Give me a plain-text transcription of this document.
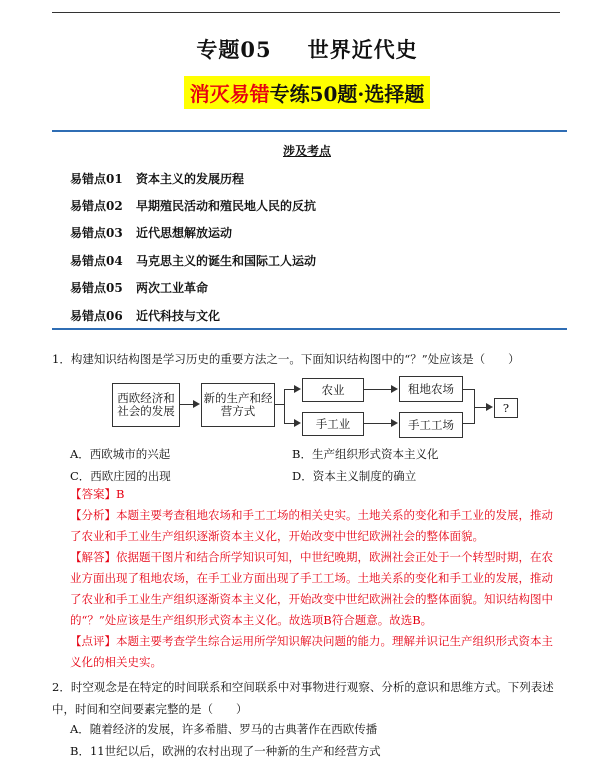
专题05 世界近代史
消灭易错专练50题·选择题
涉及考点
易错点01 资本主义的发展历程
易错点02 早期殖民活动和殖民地人民的反抗
易错点03 近代思想解放运动
易错点04 马克思主义的诞生和国际工人运动
易错点05 两次工业革命
易错点06 近代科技与文化
1．构建知识结构图是学习历史的重要方法之一。下面知识结构图中的“？”处应该是（　　）
西欧经济和社会的发展
新的生产和经营方式
农业
手工业
租地农场
手工工场
?
A．西欧城市的兴起	B．生产组织形式资本主义化
C．西欧庄园的出现	D．资本主义制度的确立
【答案】B
【分析】本题主要考查租地农场和手工工场的相关史实。土地关系的变化和手工业的发展，推动了农业和手工业生产组织逐渐资本主义化，开始改变中世纪欧洲社会的整体面貌。
【解答】依据题干图片和结合所学知识可知，中世纪晚期，欧洲社会正处于一个转型时期，在农业方面出现了租地农场，在手工业方面出现了手工工场。土地关系的变化和手工业的发展，推动了农业和手工业生产组织逐渐资本主义化，开始改变中世纪欧洲社会的整体面貌。知识结构图中的“？”处应该是生产组织形式资本主义化。故选项B符合题意。故选B。
【点评】本题主要考查学生综合运用所学知识解决问题的能力。理解并识记生产组织形式资本主义化的相关史实。
2．时空观念是在特定的时间联系和空间联系中对事物进行观察、分析的意识和思维方式。下列表述中，时间和空间要素完整的是（　　）
A．随着经济的发展，许多希腊、罗马的古典著作在西欧传播
B．11世纪以后，欧洲的农村出现了一种新的生产和经营方式
